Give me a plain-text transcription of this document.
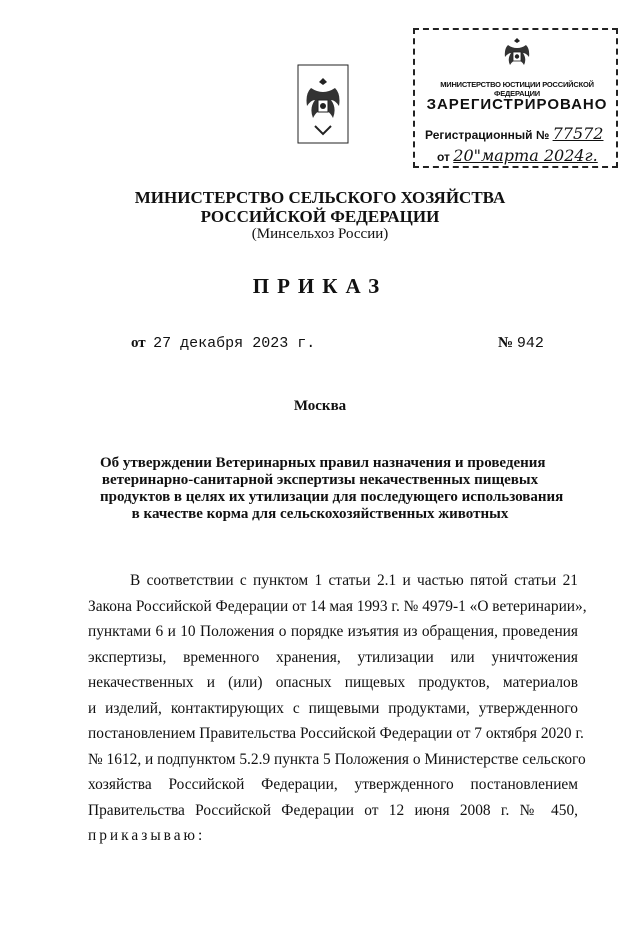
МИНИСТЕРСТВО ЮСТИЦИИ РОССИЙСКОЙ ФЕДЕРАЦИИ
ЗАРЕГИСТРИРОВАНО
Регистрационный № 77572
от 20"марта 2024г.
МИНИСТЕРСТВО СЕЛЬСКОГО ХОЗЯЙСТВА
РОССИЙСКОЙ ФЕДЕРАЦИИ
(Минсельхоз России)
ПРИКАЗ
от 27 декабря 2023 г.	№ 942
Москва
Об утверждении Ветеринарных правил назначения и проведения
ветеринарно-санитарной экспертизы некачественных пищевых
продуктов в целях их утилизации для последующего использования
в качестве корма для сельскохозяйственных животных
В соответствии с пунктом 1 статьи 2.1 и частью пятой статьи 21
Закона Российской Федерации от 14 мая 1993 г. № 4979-1 «О ветеринарии»,
пунктами 6 и 10 Положения о порядке изъятия из обращения, проведения
экспертизы, временного хранения, утилизации или уничтожения
некачественных и (или) опасных пищевых продуктов, материалов
и изделий, контактирующих с пищевыми продуктами, утвержденного
постановлением Правительства Российской Федерации от 7 октября 2020 г.
№ 1612, и подпунктом 5.2.9 пункта 5 Положения о Министерстве сельского
хозяйства Российской Федерации, утвержденного постановлением
Правительства Российской Федерации от 12 июня 2008 г. № 450,
приказываю:
